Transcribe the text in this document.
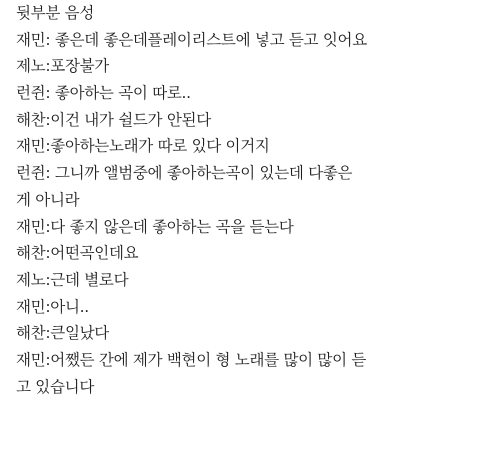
뒷부분 음성
재민: 좋은데 좋은데플레이리스트에 넣고 듣고 잇어요
제노:포장불가
런쥔: 좋아하는 곡이 따로..
해찬:이건 내가 쉴드가 안된다
재민:좋아하는노래가 따로 있다 이거지
런쥔: 그니까 앨범중에 좋아하는곡이 있는데 다좋은
게 아니라
재민:다 좋지 않은데 좋아하는 곡을 듣는다
해찬:어떤곡인데요
제노:근데 별로다
재민:아니..
해찬:큰일났다
재민:어쨌든 간에 제가 백현이 형 노래를 많이 많이 듣
고 있습니다
